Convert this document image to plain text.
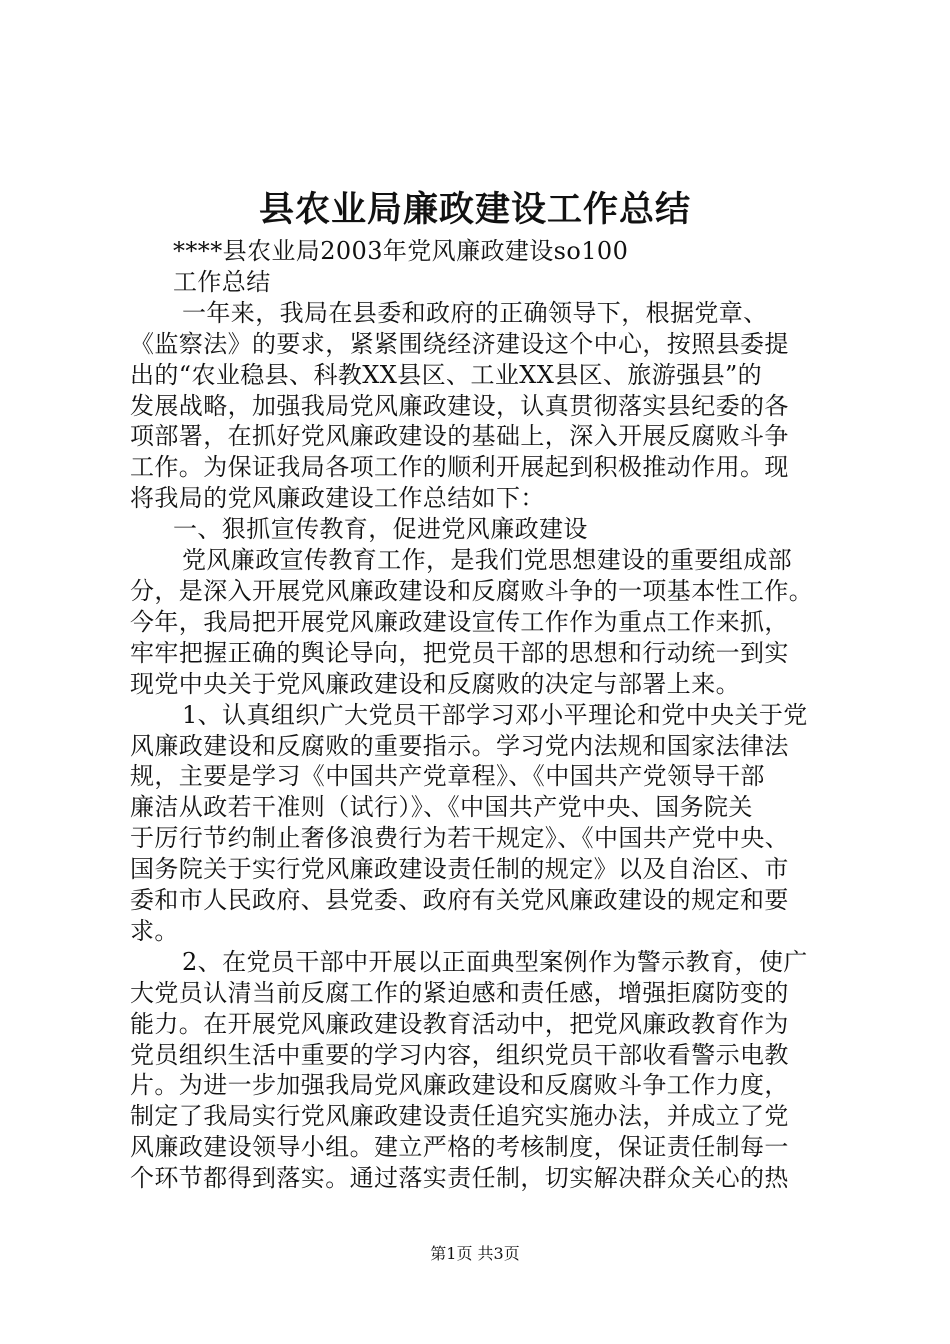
县农业局廉政建设工作总结

****县农业局2003年党风廉政建设so100

工作总结

一年来，我局在县委和政府的正确领导下，根据党章、

《监察法》的要求，紧紧围绕经济建设这个中心，按照县委提

出的“农业稳县、科教XX县区、工业XX县区、旅游强县”的

发展战略，加强我局党风廉政建设，认真贯彻落实县纪委的各

项部署，在抓好党风廉政建设的基础上，深入开展反腐败斗争

工作。为保证我局各项工作的顺利开展起到积极推动作用。现

将我局的党风廉政建设工作总结如下：

一、狠抓宣传教育，促进党风廉政建设

党风廉政宣传教育工作，是我们党思想建设的重要组成部

分，是深入开展党风廉政建设和反腐败斗争的一项基本性工作。

今年，我局把开展党风廉政建设宣传工作作为重点工作来抓，

牢牢把握正确的舆论导向，把党员干部的思想和行动统一到实

现党中央关于党风廉政建设和反腐败的决定与部署上来。

1、认真组织广大党员干部学习邓小平理论和党中央关于党

风廉政建设和反腐败的重要指示。学习党内法规和国家法律法

规，主要是学习《中国共产党章程》、《中国共产党领导干部

廉洁从政若干准则（试行）》、《中国共产党中央、国务院关

于厉行节约制止奢侈浪费行为若干规定》、《中国共产党中央、

国务院关于实行党风廉政建设责任制的规定》以及自治区、市

委和市人民政府、县党委、政府有关党风廉政建设的规定和要

求。

2、在党员干部中开展以正面典型案例作为警示教育，使广

大党员认清当前反腐工作的紧迫感和责任感，增强拒腐防变的

能力。在开展党风廉政建设教育活动中，把党风廉政教育作为

党员组织生活中重要的学习内容，组织党员干部收看警示电教

片。为进一步加强我局党风廉政建设和反腐败斗争工作力度，

制定了我局实行党风廉政建设责任追究实施办法，并成立了党

风廉政建设领导小组。建立严格的考核制度，保证责任制每一

个环节都得到落实。通过落实责任制，切实解决群众关心的热

第1页 共3页
